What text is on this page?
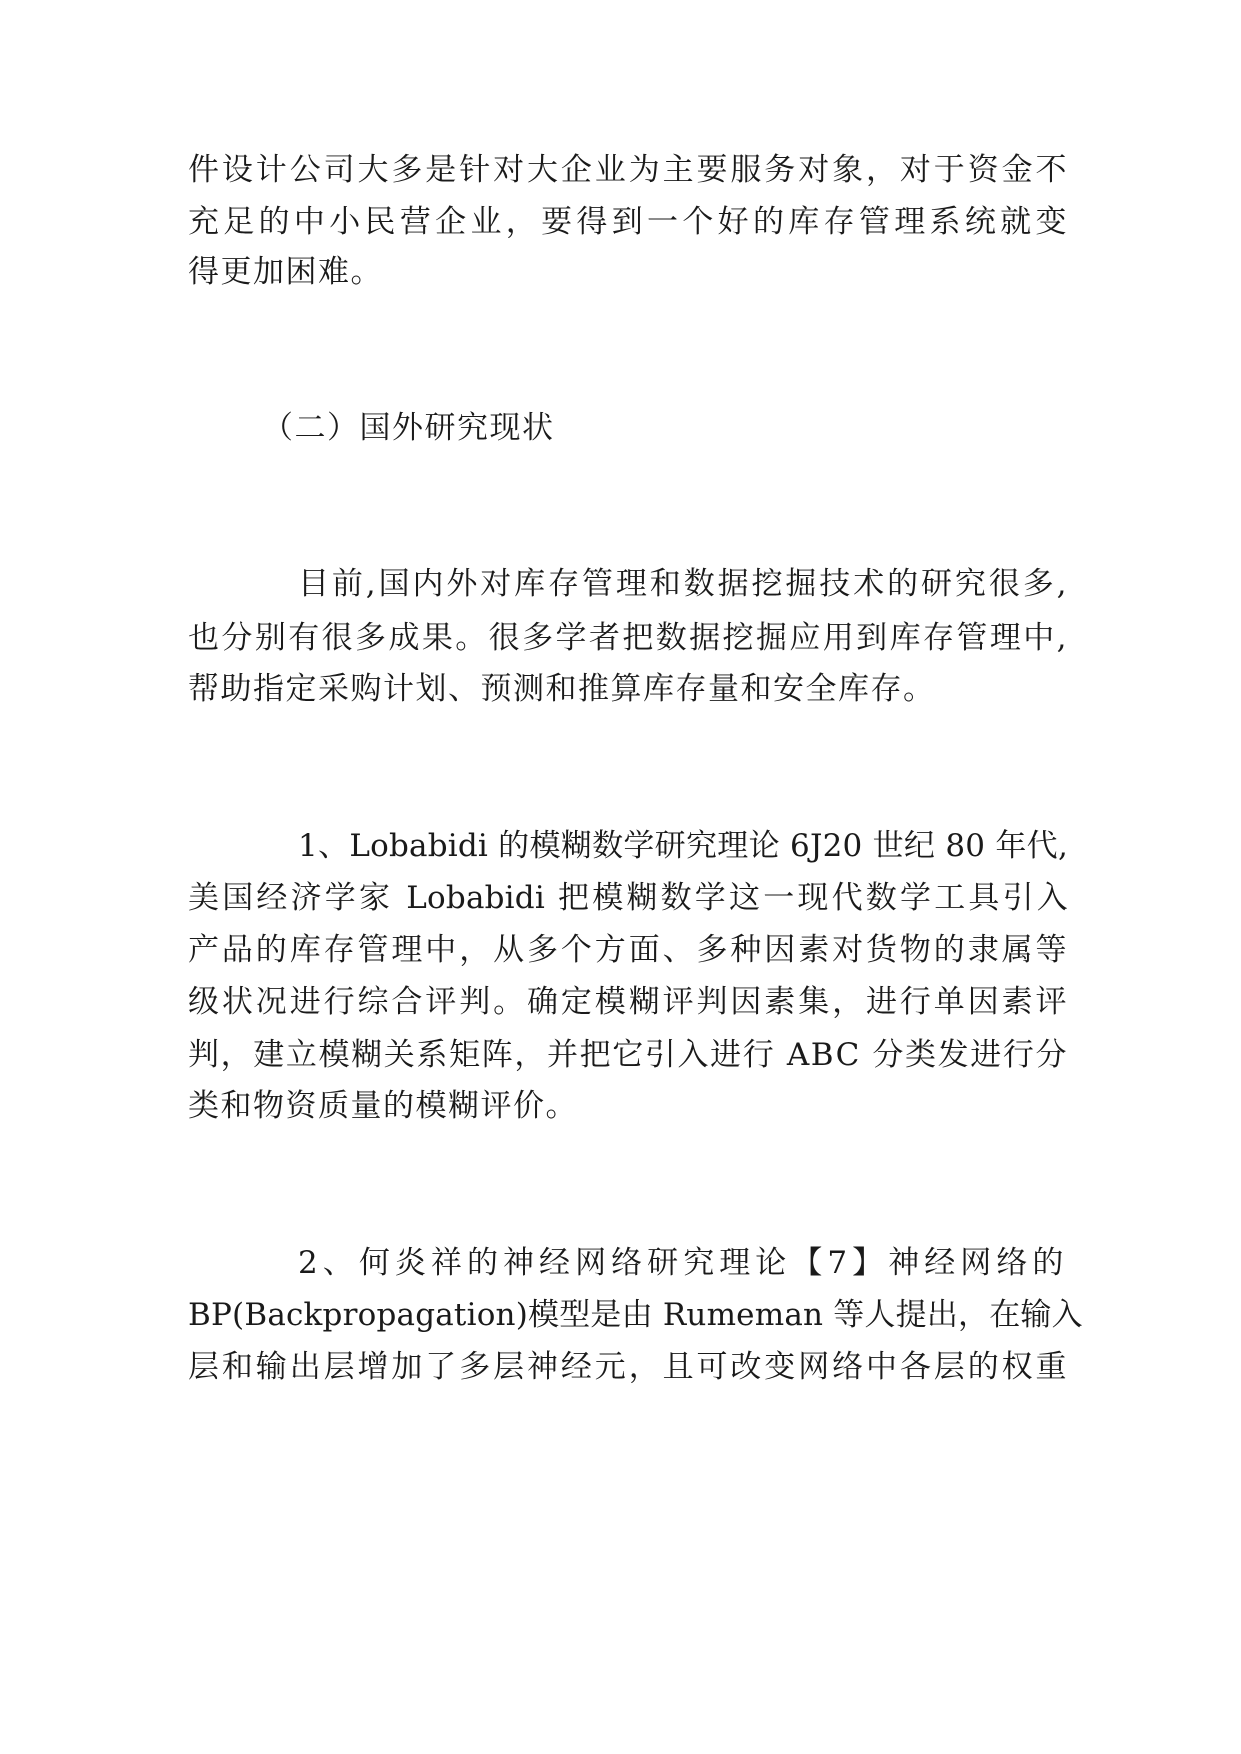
件设计公司大多是针对大企业为主要服务对象，对于资金不
充足的中小民营企业，要得到一个好的库存管理系统就变
得更加困难。
（二）国外研究现状
目前,国内外对库存管理和数据挖掘技术的研究很多,
也分别有很多成果。很多学者把数据挖掘应用到库存管理中,
帮助指定采购计划、预测和推算库存量和安全库存。
1、Lobabidi 的模糊数学研究理论 6J20 世纪 80 年代,
美国经济学家 Lobabidi 把模糊数学这一现代数学工具引入
产品的库存管理中，从多个方面、多种因素对货物的隶属等
级状况进行综合评判。确定模糊评判因素集，进行单因素评
判，建立模糊关系矩阵，并把它引入进行 ABC 分类发进行分
类和物资质量的模糊评价。
2、何炎祥的神经网络研究理论【7】神经网络的
BP(Backpropagation)模型是由 Rumeman 等人提出，在输入
层和输出层增加了多层神经元，且可改变网络中各层的权重
